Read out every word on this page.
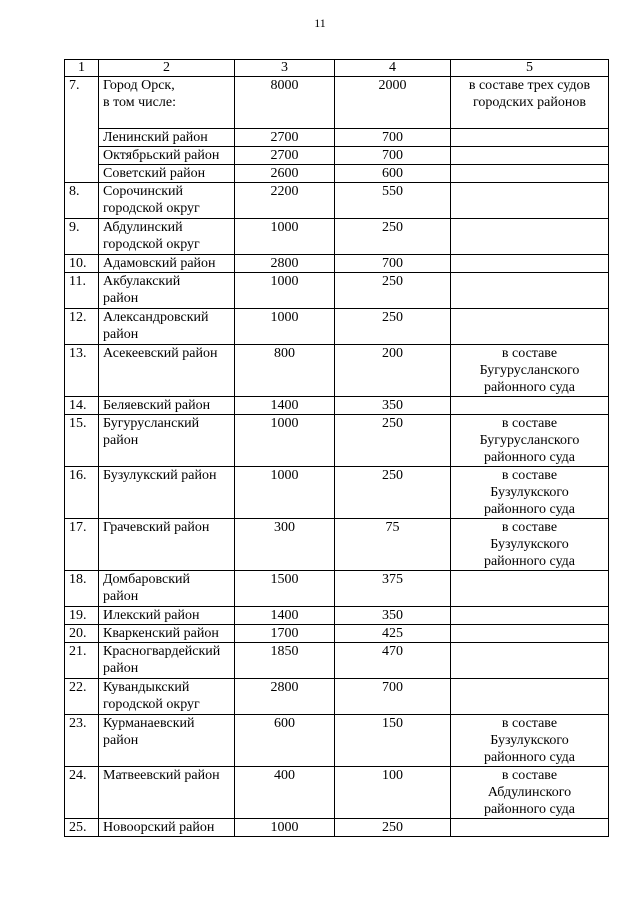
11
1	2	3	4	5
7.	Город Орск,
в том числе:	8000	2000	в составе трех судов
городских районов

	Ленинский район	2700	700	

	Октябрьский район	2700	700	

	Советский район	2600	600	
8.	Сорочинский
городской округ	2200	550	
9.	Абдулинский
городской округ	1000	250	
10.	Адамовский район	2800	700	
11.	Акбулакский
район	1000	250	
12.	Александровский
район	1000	250	
13.	Асекеевский район	800	200	в составе
Бугурусланского
районного суда

14.	Беляевский район	1400	350	
15.	Бугурусланский
район	1000	250	в составе
Бугурусланского
районного суда

16.	Бузулукский район	1000	250	в составе
Бузулукского
районного суда

17.	Грачевский район	300	75	в составе
Бузулукского
районного суда

18.	Домбаровский
район	1500	375	
19.	Илекский район	1400	350	
20.	Кваркенский район	1700	425	
21.	Красногвардейский
район	1850	470	
22.	Кувандыкский
городской округ	2800	700	
23.	Курманаевский
район	600	150	в составе
Бузулукского
районного суда

24.	Матвеевский район	400	100	в составе
Абдулинского
районного суда

25.	Новоорский район	1000	250	
